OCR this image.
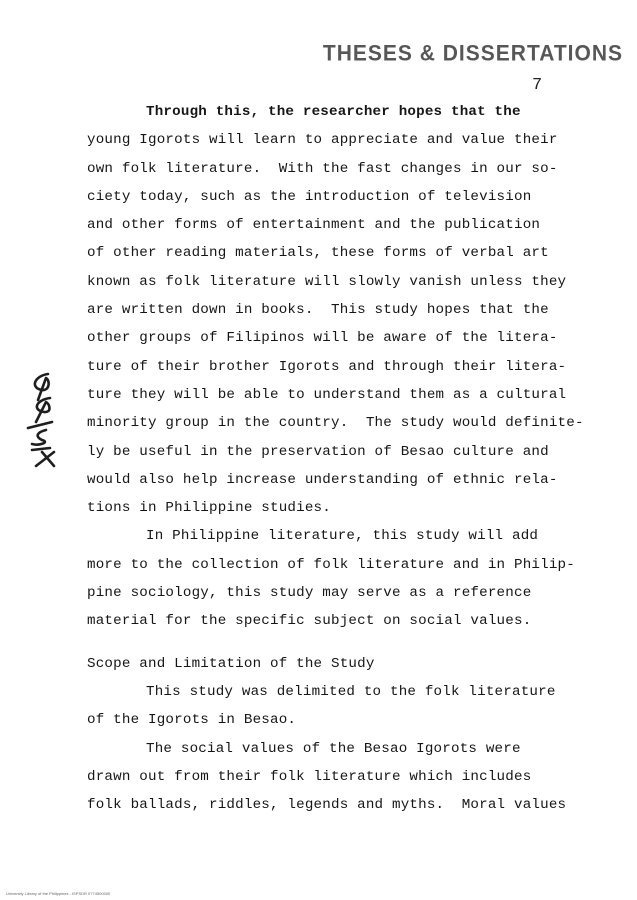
THESES & DISSERTATIONS
7
Through this, the researcher hopes that the
young Igorots will learn to appreciate and value their
own folk literature.  With the fast changes in our so-
ciety today, such as the introduction of television
and other forms of entertainment and the publication
of other reading materials, these forms of verbal art
known as folk literature will slowly vanish unless they
are written down in books.  This study hopes that the
other groups of Filipinos will be aware of the litera-
ture of their brother Igorots and through their litera-
ture they will be able to understand them as a cultural
minority group in the country.  The study would definite-
ly be useful in the preservation of Besao culture and
would also help increase understanding of ethnic rela-
tions in Philippine studies.
In Philippine literature, this study will add
more to the collection of folk literature and in Philip-
pine sociology, this study may serve as a reference
material for the specific subject on social values.
Scope and Limitation of the Study
This study was delimited to the folk literature
of the Igorots in Besao.
The social values of the Besao Igorots were
drawn out from their folk literature which includes
folk ballads, riddles, legends and myths.  Moral values
University Library of the Philippines - ISPSDR 0774500000
